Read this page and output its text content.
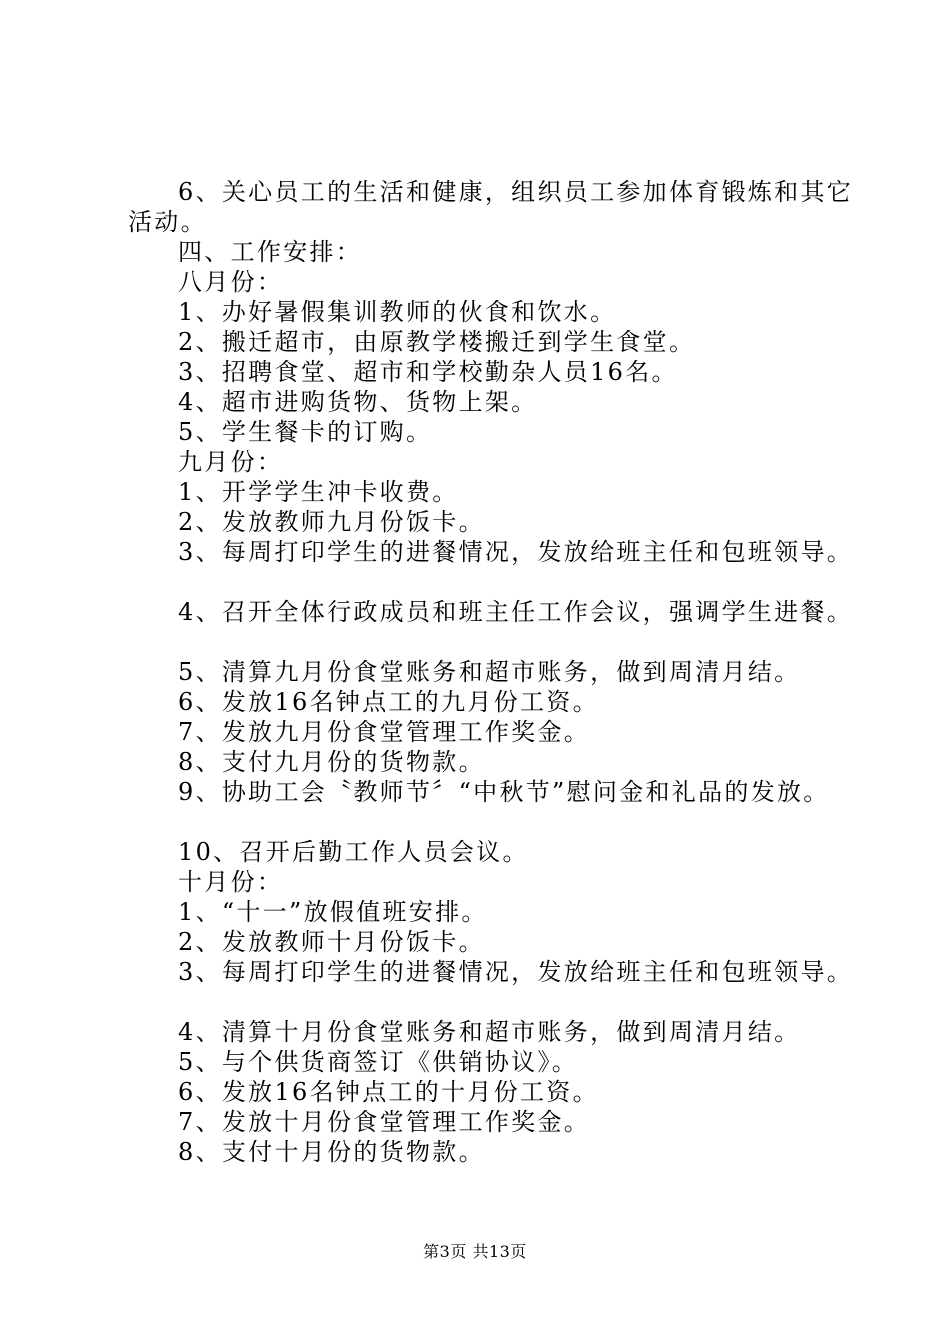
6、关心员工的生活和健康，组织员工参加体育锻炼和其它
活动。
四、工作安排：
八月份：
1、办好暑假集训教师的伙食和饮水。
2、搬迁超市，由原教学楼搬迁到学生食堂。
3、招聘食堂、超市和学校勤杂人员16名。
4、超市进购货物、货物上架。
5、学生餐卡的订购。
九月份：
1、开学学生冲卡收费。
2、发放教师九月份饭卡。
3、每周打印学生的进餐情况，发放给班主任和包班领导。
4、召开全体行政成员和班主任工作会议，强调学生进餐。
5、清算九月份食堂账务和超市账务，做到周清月结。
6、发放16名钟点工的九月份工资。
7、发放九月份食堂管理工作奖金。
8、支付九月份的货物款。
9、协助工会〝教师节〞“中秋节”慰问金和礼品的发放。
10、召开后勤工作人员会议。
十月份：
1、“十一”放假值班安排。
2、发放教师十月份饭卡。
3、每周打印学生的进餐情况，发放给班主任和包班领导。
4、清算十月份食堂账务和超市账务，做到周清月结。
5、与个供货商签订《供销协议》。
6、发放16名钟点工的十月份工资。
7、发放十月份食堂管理工作奖金。
8、支付十月份的货物款。
第3页 共13页
